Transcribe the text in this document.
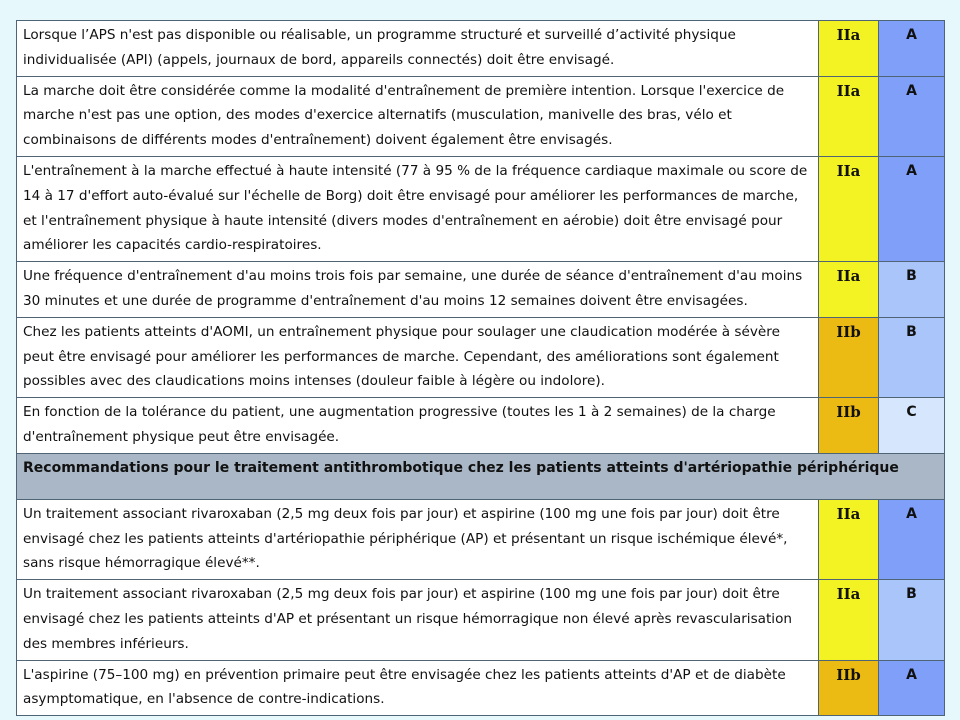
Lorsque l’APS n'est pas disponible ou réalisable, un programme structuré et surveillé d’activité physique individualisée (API) (appels, journaux de bord, appareils connectés) doit être envisagé.	IIa	A
La marche doit être considérée comme la modalité d'entraînement de première intention. Lorsque l'exercice de marche n'est pas une option, des modes d'exercice alternatifs (musculation, manivelle des bras, vélo et combinaisons de différents modes d'entraînement) doivent également être envisagés.	IIa	A
L'entraînement à la marche effectué à haute intensité (77 à 95 % de la fréquence cardiaque maximale ou score de 14 à 17 d'effort auto-évalué sur l'échelle de Borg) doit être envisagé pour améliorer les performances de marche, et l'entraînement physique à haute intensité (divers modes d'entraînement en aérobie) doit être envisagé pour améliorer les capacités cardio-respiratoires.	IIa	A
Une fréquence d'entraînement d'au moins trois fois par semaine, une durée de séance d'entraînement d'au moins 30 minutes et une durée de programme d'entraînement d'au moins 12 semaines doivent être envisagées.	IIa	B
Chez les patients atteints d'AOMI, un entraînement physique pour soulager une claudication modérée à sévère peut être envisagé pour améliorer les performances de marche. Cependant, des améliorations sont également possibles avec des claudications moins intenses (douleur faible à légère ou indolore).	IIb	B
En fonction de la tolérance du patient, une augmentation progressive (toutes les 1 à 2 semaines) de la charge d'entraînement physique peut être envisagée.	IIb	C
Recommandations pour le traitement antithrombotique chez les patients atteints d'artériopathie périphérique		
Un traitement associant rivaroxaban (2,5 mg deux fois par jour) et aspirine (100 mg une fois par jour) doit être envisagé chez les patients atteints d'artériopathie périphérique (AP) et présentant un risque ischémique élevé*, sans risque hémorragique élevé**.	IIa	A
Un traitement associant rivaroxaban (2,5 mg deux fois par jour) et aspirine (100 mg une fois par jour) doit être envisagé chez les patients atteints d'AP et présentant un risque hémorragique non élevé après revascularisation des membres inférieurs.	IIa	B
L'aspirine (75–100 mg) en prévention primaire peut être envisagée chez les patients atteints d'AP et de diabète asymptomatique, en l'absence de contre-indications.	IIb	A
